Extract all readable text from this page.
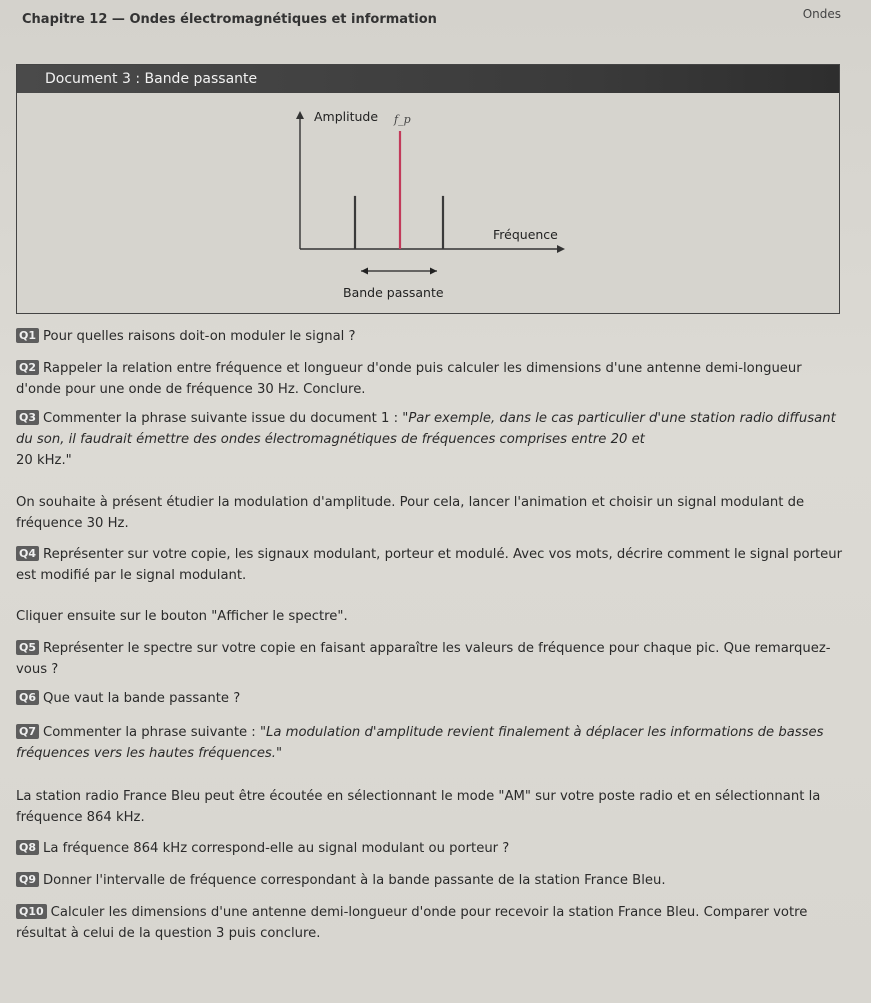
Chapitre 12 — Ondes électromagnétiques et information	Ondes
Document 3 : Bande passante
Amplitude
Fréquence
f_p
Bande passante
Q1 Pour quelles raisons doit-on moduler le signal ?
Q2 Rappeler la relation entre fréquence et longueur d'onde puis calculer les dimensions d'une antenne demi-longueur d'onde pour une onde de fréquence 30 Hz. Conclure.
Q3 Commenter la phrase suivante issue du document 1 : "Par exemple, dans le cas particulier d'une station radio diffusant du son, il faudrait émettre des ondes électromagnétiques de fréquences comprises entre 20 et
20 kHz."
On souhaite à présent étudier la modulation d'amplitude. Pour cela, lancer l'animation et choisir un signal modulant de fréquence 30 Hz.
Q4 Représenter sur votre copie, les signaux modulant, porteur et modulé. Avec vos mots, décrire comment le signal porteur est modifié par le signal modulant.
Cliquer ensuite sur le bouton "Afficher le spectre".
Q5 Représenter le spectre sur votre copie en faisant apparaître les valeurs de fréquence pour chaque pic. Que remarquez-vous ?
Q6 Que vaut la bande passante ?
Q7 Commenter la phrase suivante : "La modulation d'amplitude revient finalement à déplacer les informations de basses fréquences vers les hautes fréquences."
La station radio France Bleu peut être écoutée en sélectionnant le mode "AM" sur votre poste radio et en sélectionnant la fréquence 864 kHz.
Q8 La fréquence 864 kHz correspond-elle au signal modulant ou porteur ?
Q9 Donner l'intervalle de fréquence correspondant à la bande passante de la station France Bleu.
Q10 Calculer les dimensions d'une antenne demi-longueur d'onde pour recevoir la station France Bleu. Comparer votre résultat à celui de la question 3 puis conclure.
